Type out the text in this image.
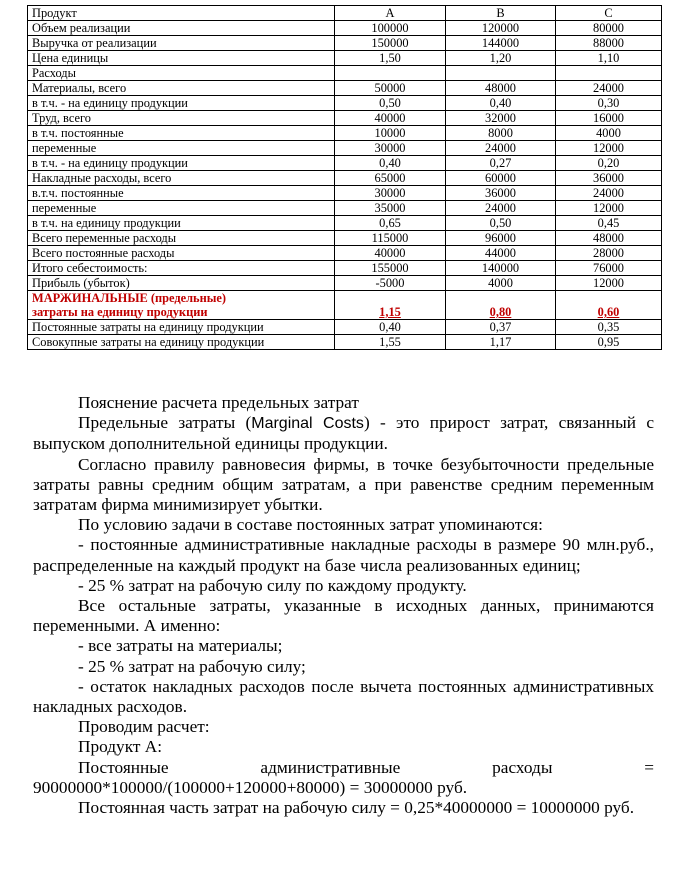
Продукт	А	В	С
Объем реализации	100000	120000	80000
Выручка от реализации	150000	144000	88000
Цена единицы	1,50	1,20	1,10
Расходы			
Материалы, всего	50000	48000	24000
в т.ч. - на единицу продукции	0,50	0,40	0,30
Труд, всего	40000	32000	16000
в т.ч. постоянные	10000	8000	4000
переменные	30000	24000	12000
в т.ч. - на единицу продукции	0,40	0,27	0,20
Накладные расходы, всего	65000	60000	36000
в.т.ч. постоянные	30000	36000	24000
переменные	35000	24000	12000
в т.ч. на единицу продукции	0,65	0,50	0,45
Всего переменные расходы	115000	96000	48000
Всего постоянные расходы	40000	44000	28000
Итого себестоимость:	155000	140000	76000
Прибыль (убыток)	-5000	4000	12000
МАРЖИНАЛЬНЫЕ (предельные)
затраты на единицу продукции	1,15	0,80	0,60
Постоянные затраты на единицу продукции	0,40	0,37	0,35
Совокупные затраты на единицу продукции	1,55	1,17	0,95

Пояснение расчета предельных затрат

Предельные затраты (Marginal Costs) - это прирост затрат, связанный с выпуском дополнительной единицы продукции.

Согласно правилу равновесия фирмы, в точке безубыточности предельные затраты равны средним общим затратам, а при равенстве средним переменным затратам фирма минимизирует убытки.

По условию задачи в составе постоянных затрат упоминаются:

- постоянные административные накладные расходы в размере 90 млн.руб., распределенные на каждый продукт на базе числа реализованных единиц;

- 25 % затрат на рабочую силу по каждому продукту.

Все остальные затраты, указанные в исходных данных, принимаются переменными. А именно:

- все затраты на материалы;

- 25 % затрат на рабочую силу;

- остаток накладных расходов после вычета постоянных административных накладных расходов.

Проводим расчет:

Продукт А:

Постоянные административные расходы = 90000000*100000/(100000+120000+80000) = 30000000 руб.

Постоянная часть затрат на рабочую силу = 0,25*40000000 = 10000000 руб.
